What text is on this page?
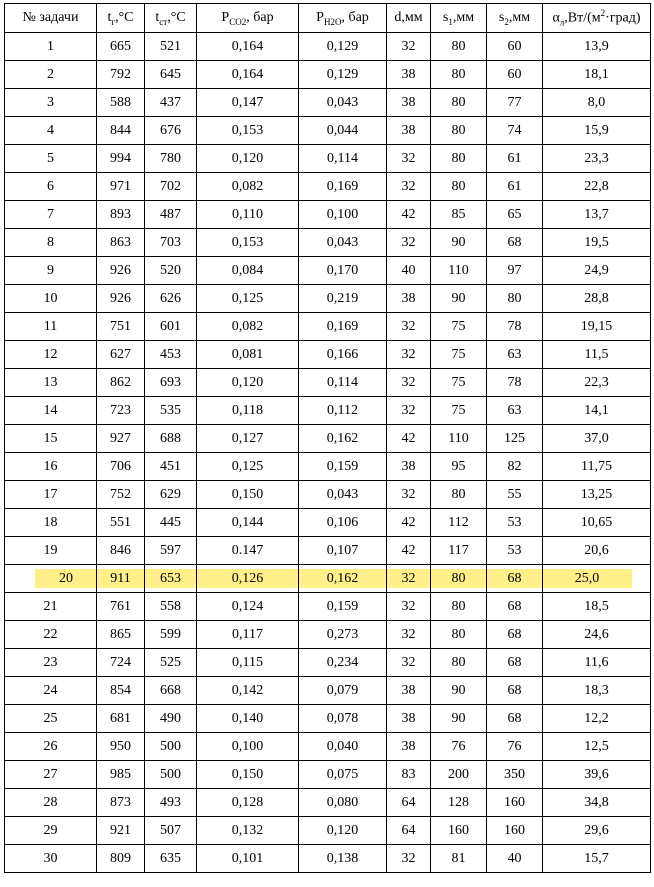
№ задачи	$t_г,^\circ C$	$t_{ст},^\circ C$	$P_{CO2}$, бар	$P_{H2O}$, бар	d,мм	$s_1,мм$	$s_2,мм$	$\alpha_л,Вт/(м^2\cdot град)$
1	665	521	0,164	0,129	32	80	60	13,9
2	792	645	0,164	0,129	38	80	60	18,1
3	588	437	0,147	0,043	38	80	77	8,0
4	844	676	0,153	0,044	38	80	74	15,9
5	994	780	0,120	0,114	32	80	61	23,3
6	971	702	0,082	0,169	32	80	61	22,8
7	893	487	0,110	0,100	42	85	65	13,7
8	863	703	0,153	0,043	32	90	68	19,5
9	926	520	0,084	0,170	40	110	97	24,9
10	926	626	0,125	0,219	38	90	80	28,8
11	751	601	0,082	0,169	32	75	78	19,15
12	627	453	0,081	0,166	32	75	63	11,5
13	862	693	0,120	0,114	32	75	78	22,3
14	723	535	0,118	0,112	32	75	63	14,1
15	927	688	0,127	0,162	42	110	125	37,0
16	706	451	0,125	0,159	38	95	82	11,75
17	752	629	0,150	0,043	32	80	55	13,25
18	551	445	0,144	0,106	42	112	53	10,65
19	846	597	0.147	0,107	42	117	53	20,6

20	911	653	0,126	0,162	32	80	68	25,0

21	761	558	0,124	0,159	32	80	68	18,5
22	865	599	0,117	0,273	32	80	68	24,6
23	724	525	0,115	0,234	32	80	68	11,6
24	854	668	0,142	0,079	38	90	68	18,3
25	681	490	0,140	0,078	38	90	68	12,2
26	950	500	0,100	0,040	38	76	76	12,5
27	985	500	0,150	0,075	83	200	350	39,6
28	873	493	0,128	0,080	64	128	160	34,8
29	921	507	0,132	0,120	64	160	160	29,6
30	809	635	0,101	0,138	32	81	40	15,7
